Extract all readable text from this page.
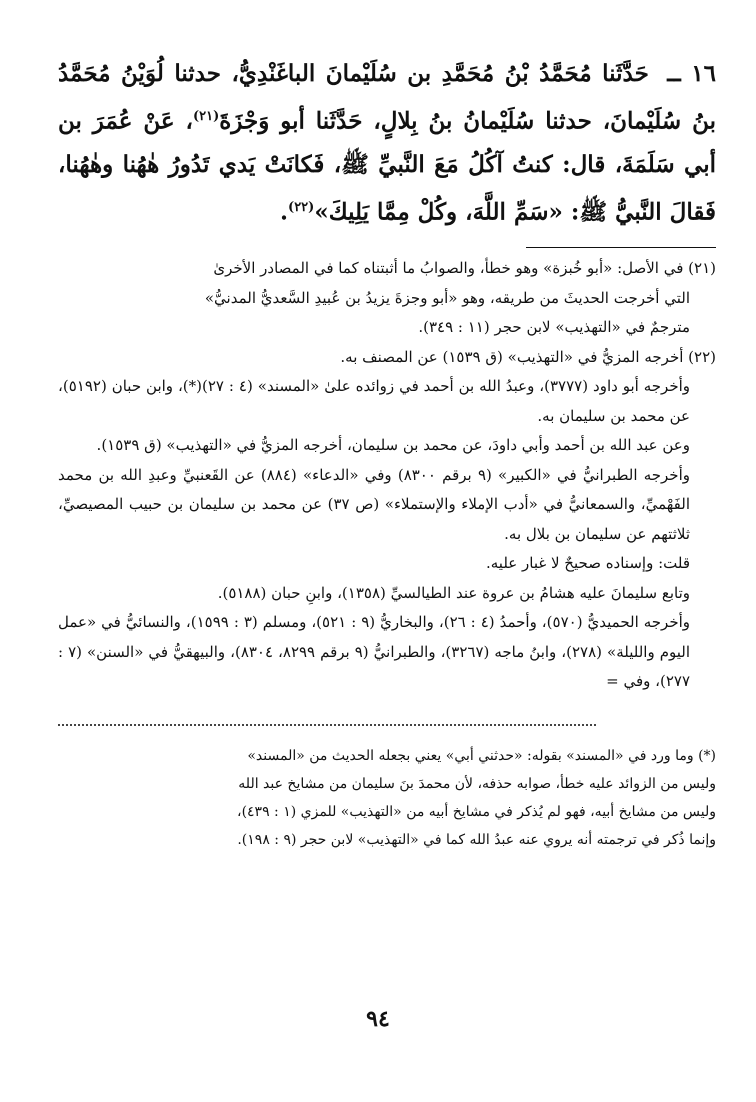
١٦ ــ حَدَّثَنا مُحَمَّدُ بْنُ مُحَمَّدِ بن سُلَيْمانَ الباغَنْدِيُّ، حدثنا لُوَيْنُ مُحَمَّدُ بنُ سُلَيْمانَ، حدثنا سُلَيْمانُ بنُ بِلالٍ، حَدَّثَنا أبو وَجْزَةَ$^{(٢١)}$، عَنْ عُمَرَ بن أبي سَلَمَةَ، قال: كنتُ آكُلُ مَعَ النَّبيِّ ﷺ، فَكانَتْ يَدي تَدُورُ هٰهُنا وهٰهُنا، فَقالَ النَّبيُّ ﷺ: «سَمِّ اللَّهَ، وكُلْ مِمَّا يَلِيكَ»$^{(٢٢)}$.

(٢١) في الأصل: «أبو خُبزة» وهو خطأ، والصوابُ ما أثبتناه كما في المصادر الأخرىٰ

التي أخرجت الحديثَ من طريقه، وهو «أبو وجزةَ يزيدُ بن عُبيدِ السَّعديُّ المدنيُّ»

مترجمٌ في «التهذيب» لابن حجر (١١ : ٣٤٩).

(٢٢) أخرجه المزيُّ في «التهذيب» (ق ١٥٣٩) عن المصنف به.

وأخرجه أبو داود (٣٧٧٧)، وعبدُ الله بن أحمد في زوائده علىٰ «المسند» (٤ : ٢٧)(*)، وابن حبان (٥١٩٢)، عن محمد بن سليمان به.

وعن عبد الله بن أحمد وأبي داودَ، عن محمد بن سليمان، أخرجه المزيُّ في «التهذيب» (ق ١٥٣٩).

وأخرجه الطبرانيُّ في «الكبير» (٩ برقم ٨٣٠٠) وفي «الدعاء» (٨٨٤) عن القَعنبيِّ وعبدِ الله بن محمد الفَهْميِّ، والسمعانيُّ في «أدب الإملاء والإستملاء» (ص ٣٧) عن محمد بن سليمان بن حبيب المصيصيِّ، ثلاثتهم عن سليمان بن بلال به.

قلت: وإسناده صحيحٌ لا غبار عليه.

وتابع سليمانَ عليه هشامُ بن عروة عند الطيالسيِّ (١٣٥٨)، وابنِ حبان (٥١٨٨).

وأخرجه الحميديُّ (٥٧٠)، وأحمدُ (٤ : ٢٦)، والبخاريُّ (٩ : ٥٢١)، ومسلم (٣ : ١٥٩٩)، والنسائيُّ في «عمل اليوم والليلة» (٢٧٨)، وابنُ ماجه (٣٢٦٧)، والطبرانيُّ (٩ برقم ٨٢٩٩، ٨٣٠٤)، والبيهقيُّ في «السنن» (٧ : ٢٧٧)، وفي =

(*) وما ورد في «المسند» بقوله: «حدثني أبي» يعني بجعله الحديث من «المسند»

وليس من الزوائد عليه خطأ، صوابه حذفه، لأن محمدَ بنَ سليمان من مشايخ عبد الله

وليس من مشايخ أبيه، فهو لم يُذكر في مشايخ أبيه من «التهذيب» للمزي (١ : ٤٣٩)،

وإنما ذُكر في ترجمته أنه يروي عنه عبدُ الله كما في «التهذيب» لابن حجر (٩ : ١٩٨).

٩٤
